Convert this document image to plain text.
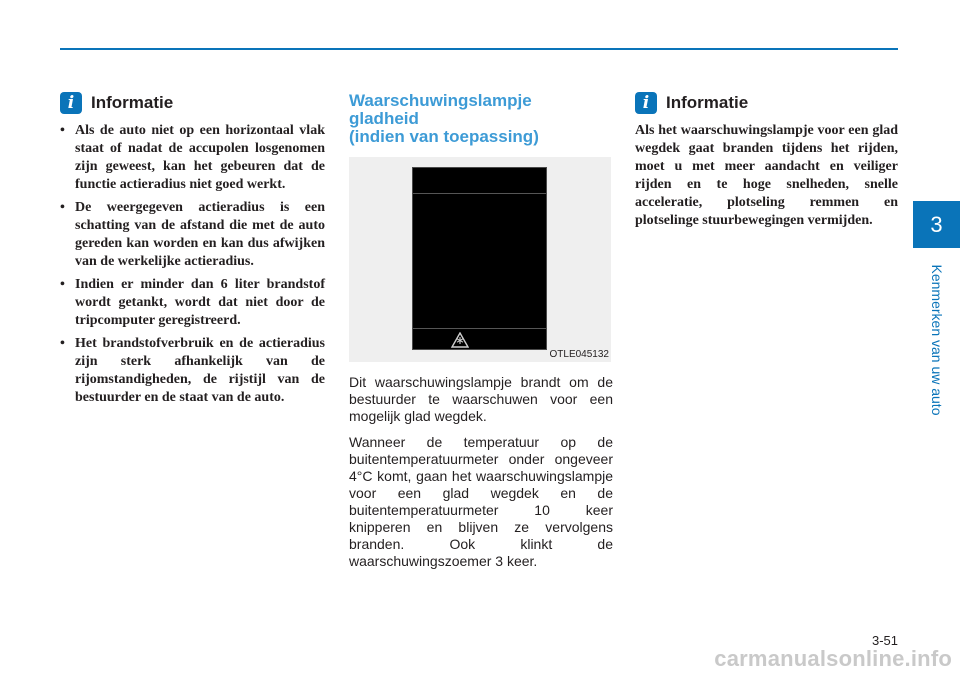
i Informatie
• Als de auto niet op een horizontaal vlak staat of nadat de accupolen losgenomen zijn geweest, kan het gebeuren dat de functie actieradius niet goed werkt.
• De weergegeven actieradius is een schatting van de afstand die met de auto gereden kan worden en kan dus afwijken van de werkelijke actieradius.
• Indien er minder dan 6 liter brandstof wordt getankt, wordt dat niet door de tripcomputer geregistreerd.
• Het brandstofverbruik en de actieradius zijn sterk afhankelijk van de rijomstandigheden, de rijstijl van de bestuurder en de staat van de auto.
Waarschuwingslampje
gladheid
(indien van toepassing)
OTLE045132

Dit waarschuwingslampje brandt om de bestuurder te waarschuwen voor een mogelijk glad wegdek.

Wanneer de temperatuur op de buitentemperatuurmeter onder ongeveer 4°C komt, gaan het waarschuwingslampje voor een glad wegdek en de buitentemperatuurmeter 10 keer knipperen en blijven ze vervolgens branden. Ook klinkt de waarschuwingszoemer 3 keer.

i Informatie

Als het waarschuwingslampje voor een glad wegdek gaat branden tijdens het rijden, moet u met meer aandacht en veiliger rijden en te hoge snelheden, snelle acceleratie, plotseling remmen en plotselinge stuurbewegingen vermijden.	3
Kenmerken van uw auto
3-51
carmanualsonline.info
